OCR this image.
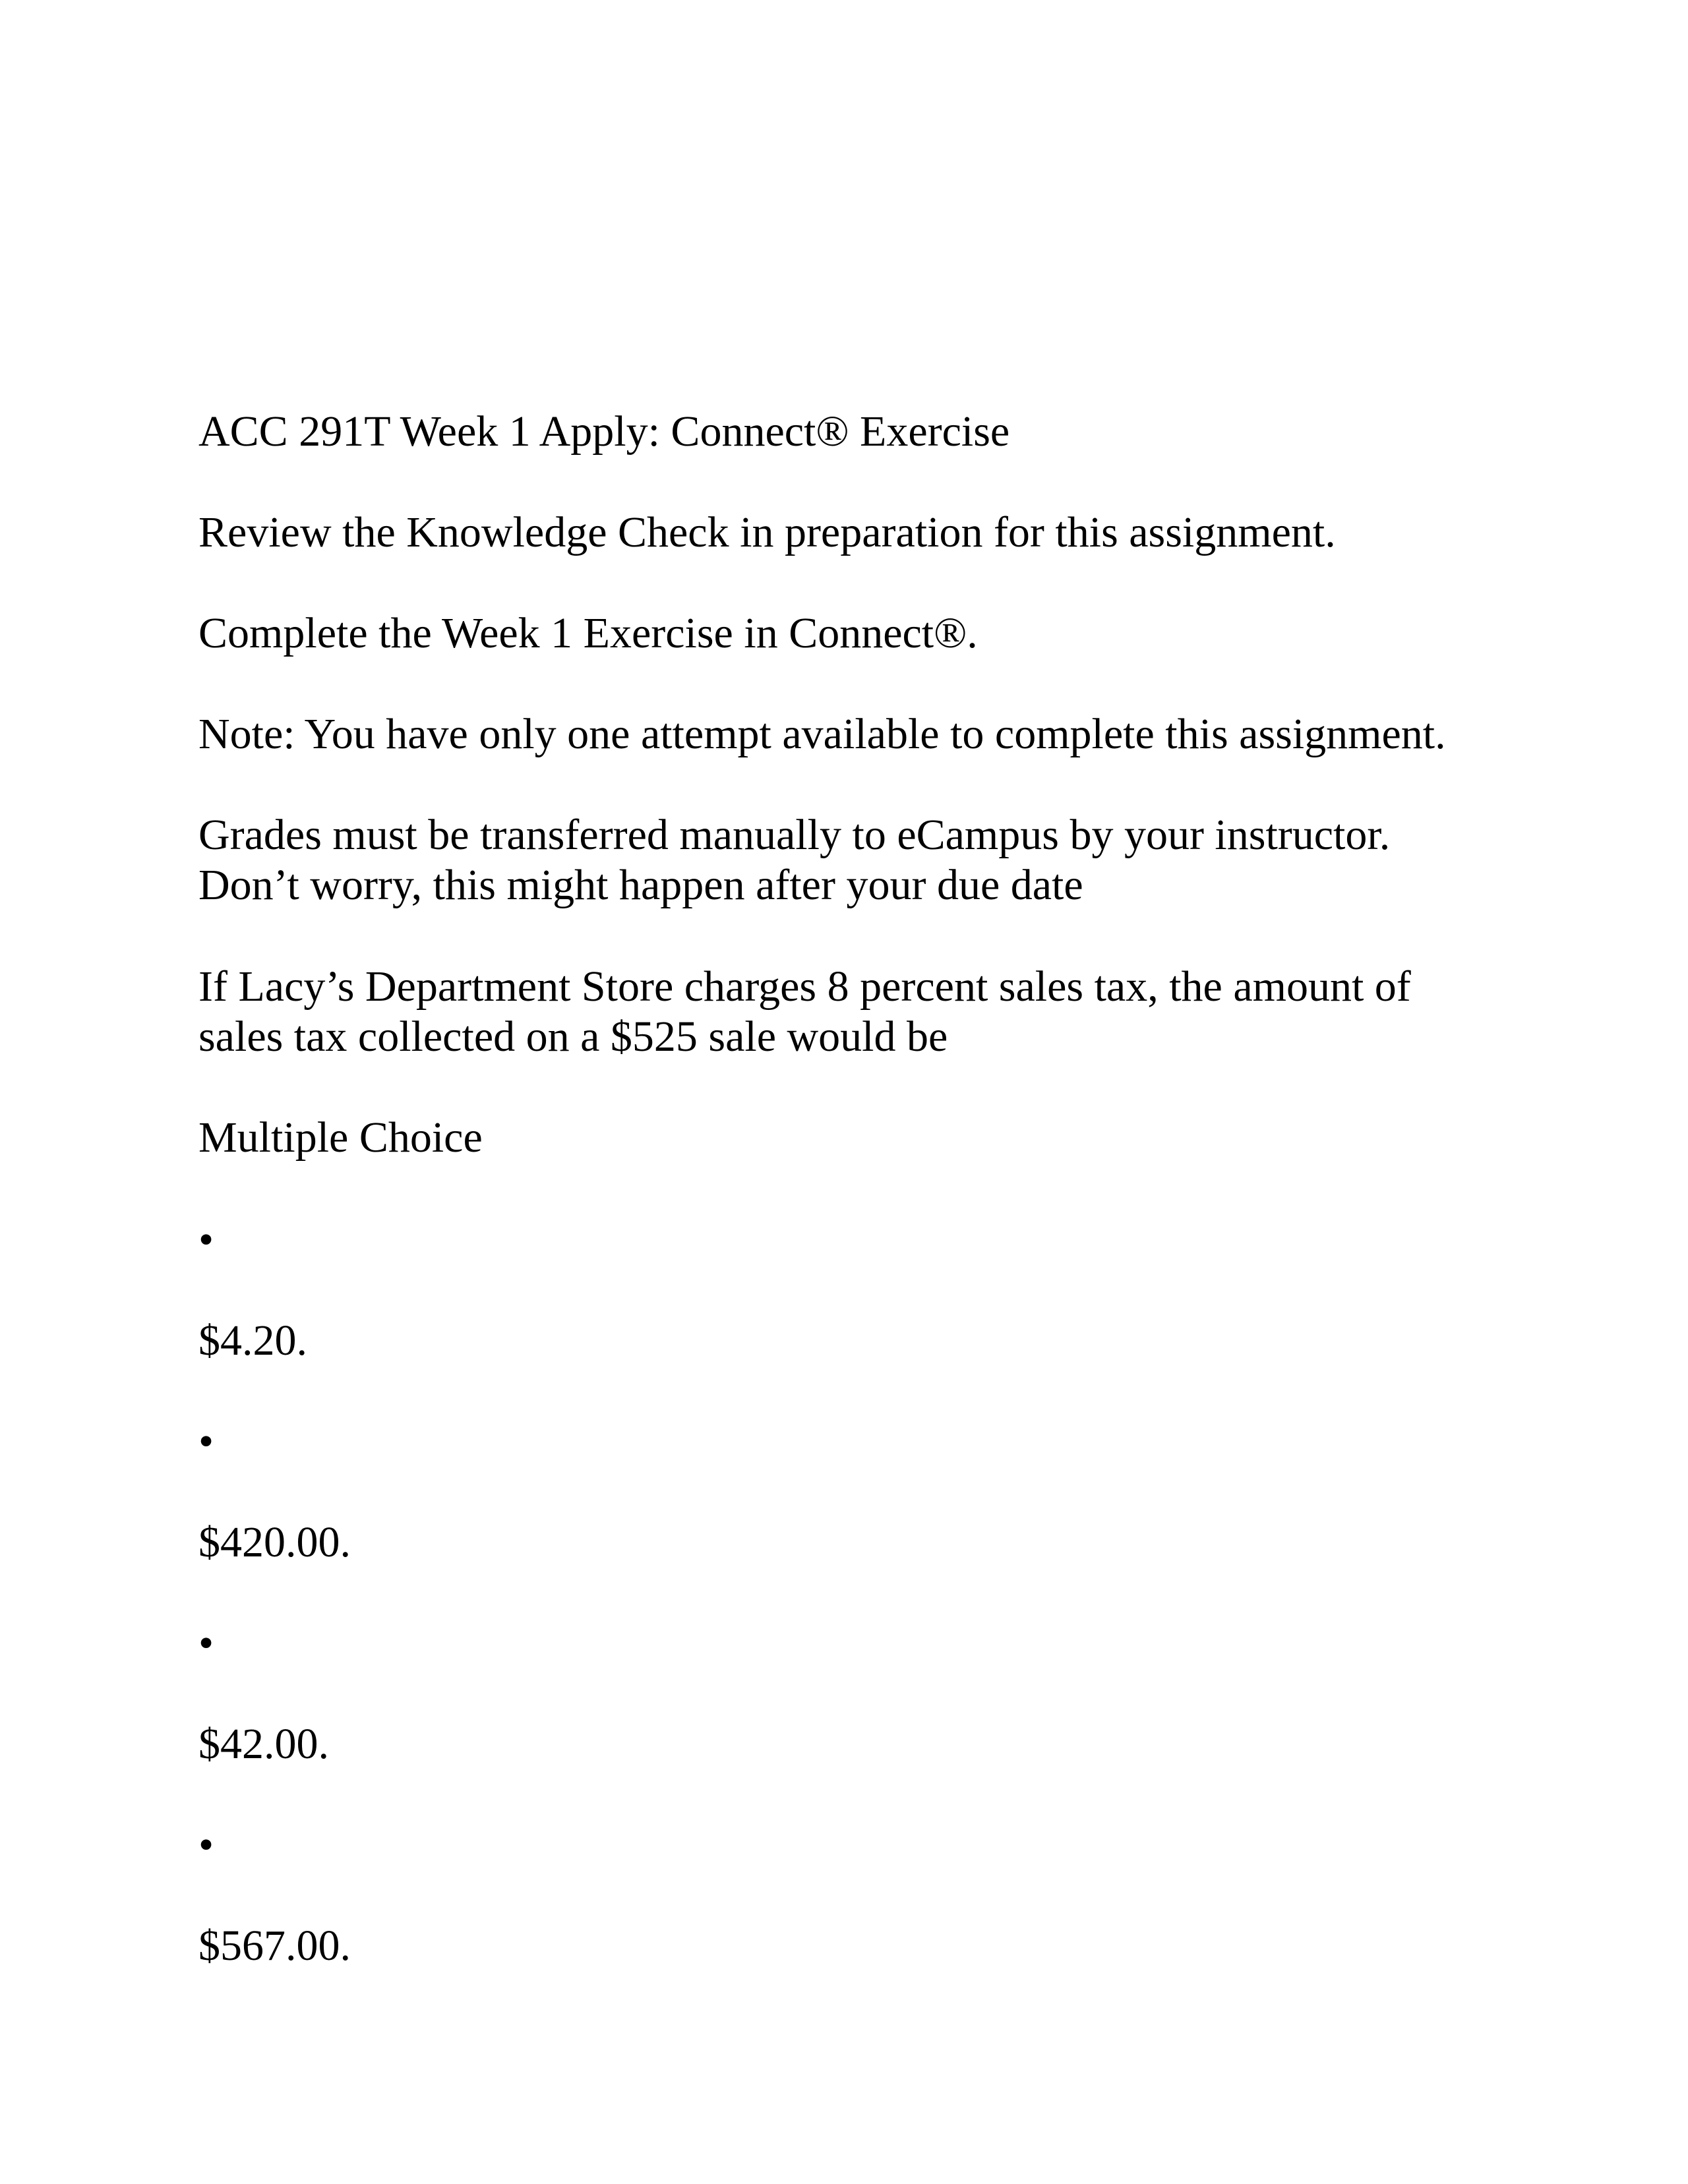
ACC 291T Week 1 Apply: Connect® Exercise

Review the Knowledge Check in preparation for this assignment.

Complete the Week 1 Exercise in Connect®.

Note: You have only one attempt available to complete this assignment.

Grades must be transferred manually to eCampus by your instructor.

Don’t worry, this might happen after your due date

If Lacy’s Department Store charges 8 percent sales tax, the amount of

sales tax collected on a $525 sale would be

Multiple Choice

•

$4.20.

•

$420.00.

•

$42.00.

•

$567.00.
